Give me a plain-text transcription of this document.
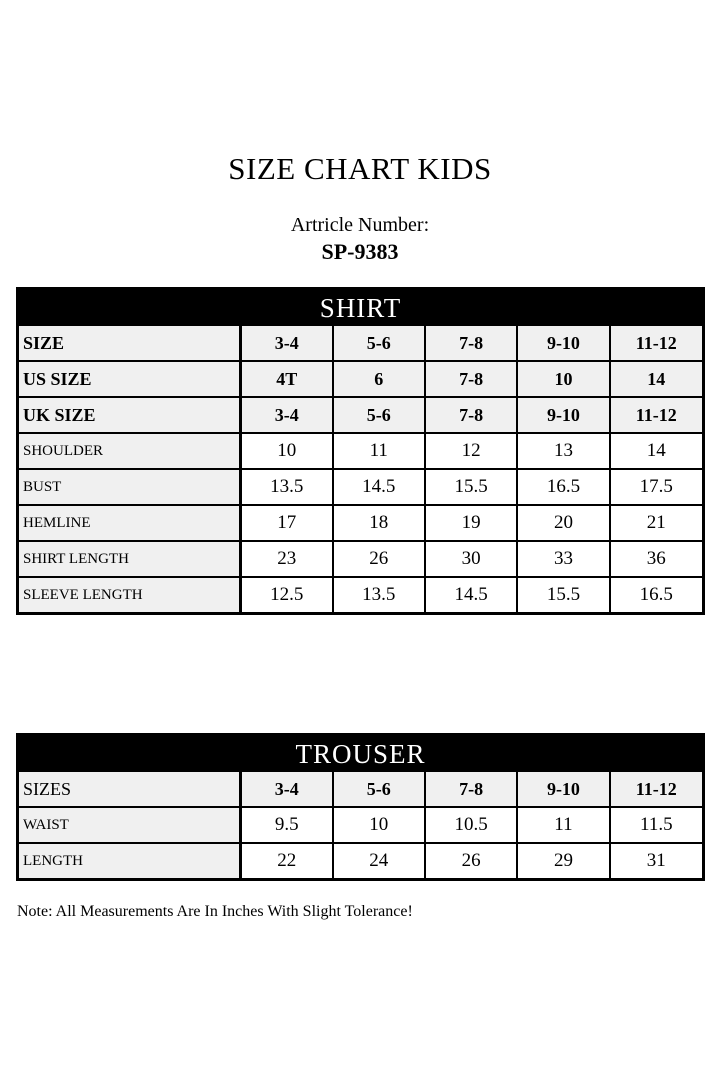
SIZE CHART KIDS
Artricle Number:
SP-9383
SHIRT
SIZE	3-4	5-6	7-8	9-10	11-12
US SIZE	4T	6	7-8	10	14
UK SIZE	3-4	5-6	7-8	9-10	11-12
SHOULDER	10	11	12	13	14
BUST	13.5	14.5	15.5	16.5	17.5
HEMLINE	17	18	19	20	21
SHIRT LENGTH	23	26	30	33	36
SLEEVE LENGTH	12.5	13.5	14.5	15.5	16.5
TROUSER
SIZES	3-4	5-6	7-8	9-10	11-12
WAIST	9.5	10	10.5	11	11.5
LENGTH	22	24	26	29	31
Note: All Measurements Are In Inches With Slight Tolerance!
